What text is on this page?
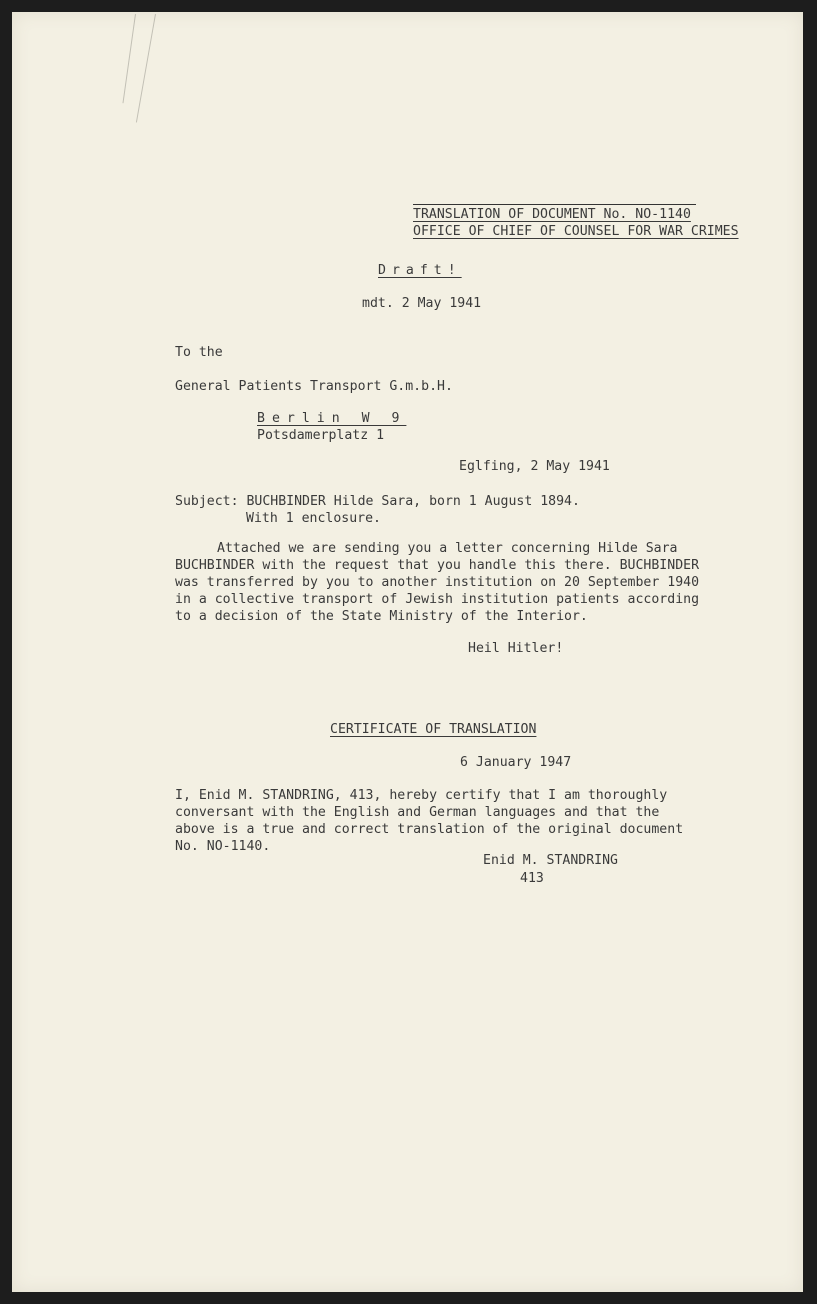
TRANSLATION OF DOCUMENT No. NO-1140
OFFICE OF CHIEF OF COUNSEL FOR WAR CRIMES
Draft!
mdt. 2 May 1941
To the
General Patients Transport G.m.b.H.
Berlin W 9
Potsdamerplatz 1
Eglfing, 2 May 1941
Subject: BUCHBINDER Hilde Sara, born 1 August 1894.
With 1 enclosure.
Attached we are sending you a letter concerning Hilde Sara
BUCHBINDER with the request that you handle this there. BUCHBINDER
was transferred by you to another institution on 20 September 1940
in a collective transport of Jewish institution patients according
to a decision of the State Ministry of the Interior.
Heil Hitler!
CERTIFICATE OF TRANSLATION
6 January 1947
I, Enid M. STANDRING, 413, hereby certify that I am thoroughly
conversant with the English and German languages and that the
above is a true and correct translation of the original document
No. NO-1140.
Enid M. STANDRING
413
